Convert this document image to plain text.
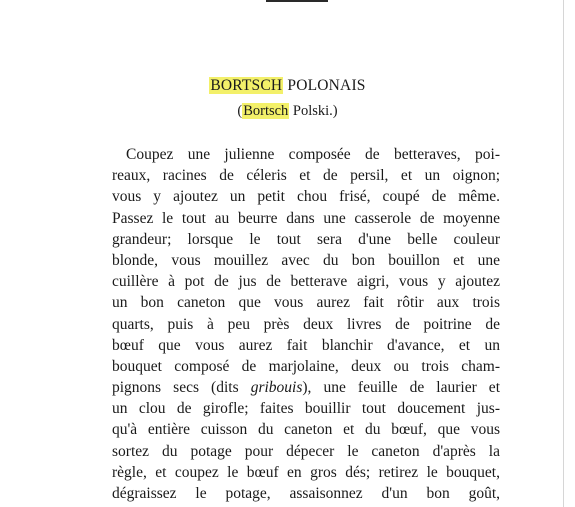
BORTSCH POLONAIS
(Bortsch Polski.)
Coupez une julienne composée de betteraves, poi-
reaux, racines de céleris et de persil, et un oignon;
vous y ajoutez un petit chou frisé, coupé de même.
Passez le tout au beurre dans une casserole de moyenne
grandeur; lorsque le tout sera d'une belle couleur
blonde, vous mouillez avec du bon bouillon et une
cuillère à pot de jus de betterave aigri, vous y ajoutez
un bon caneton que vous aurez fait rôtir aux trois
quarts, puis à peu près deux livres de poitrine de
bœuf que vous aurez fait blanchir d'avance, et un
bouquet composé de marjolaine, deux ou trois cham-
pignons secs (dits gribouis), une feuille de laurier et
un clou de girofle; faites bouillir tout doucement jus-
qu'à entière cuisson du caneton et du bœuf, que vous
sortez du potage pour dépecer le caneton d'après la
règle, et coupez le bœuf en gros dés; retirez le bouquet,
dégraissez le potage, assaisonnez d'un bon goût,
